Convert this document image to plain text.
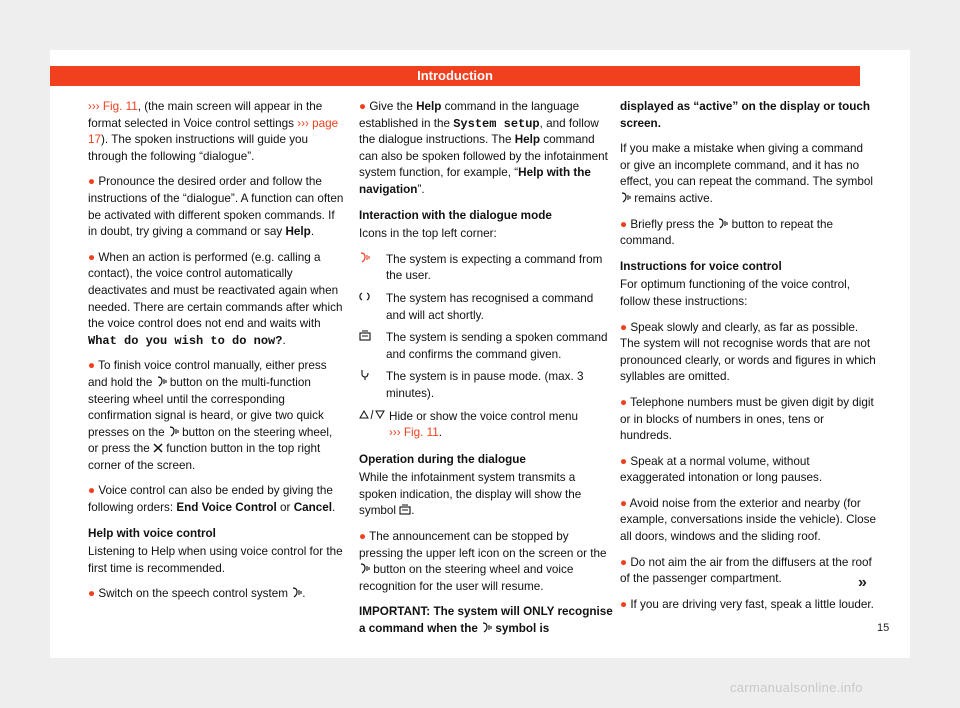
Introduction

››› Fig. 11, (the main screen will appear in the format selected in Voice control settings ››› page 17). The spoken instructions will guide you through the following “dialogue”.

● Pronounce the desired order and follow the instructions of the “dialogue”. A function can often be activated with different spoken commands. If in doubt, try giving a command or say Help.

● When an action is performed (e.g. calling a contact), the voice control automatically deactivates and must be reactivated again when needed. There are certain commands after which the voice control does not end and waits with What do you wish to do now?.

● To finish voice control manually, either press and hold the  button on the multi-function steering wheel until the corresponding confirmation signal is heard, or give two quick presses on the  button on the steering wheel, or press the  function button in the top right corner of the screen.

● Voice control can also be ended by giving the following orders: End Voice Control or Cancel.

Help with voice control

Listening to Help when using voice control for the first time is recommended.

● Switch on the speech control system .

● Give the Help command in the language established in the System setup, and follow the dialogue instructions. The Help command can also be spoken followed by the infotainment system function, for example, “Help with the navigation”.

Interaction with the dialogue mode

Icons in the top left corner:

The system is expecting a command from the user.
The system has recognised a command and will act shortly.
The system is sending a spoken command and confirms the command given.
The system is in pause mode. (max. 3 minutes).
Hide or show the voice control menu
››› Fig. 11.

Operation during the dialogue

While the infotainment system transmits a spoken indication, the display will show the symbol .

● The announcement can be stopped by pressing the upper left icon on the screen or the  button on the steering wheel and voice recognition for the user will resume.

IMPORTANT: The system will ONLY recognise a command when the  symbol is

displayed as “active” on the display or touch screen.

If you make a mistake when giving a command or give an incomplete command, and it has no effect, you can repeat the command. The symbol  remains active.

● Briefly press the  button to repeat the command.

Instructions for voice control

For optimum functioning of the voice control, follow these instructions:

● Speak slowly and clearly, as far as possible. The system will not recognise words that are not pronounced clearly, or words and figures in which syllables are omitted.

● Telephone numbers must be given digit by digit or in blocks of numbers in ones, tens or hundreds.

● Speak at a normal volume, without exaggerated intonation or long pauses.

● Avoid noise from the exterior and nearby (for example, conversations inside the vehicle). Close all doors, windows and the sliding roof.

● Do not aim the air from the diffusers at the roof of the passenger compartment.

● If you are driving very fast, speak a little louder.

»
15
carmanualsonline.info
